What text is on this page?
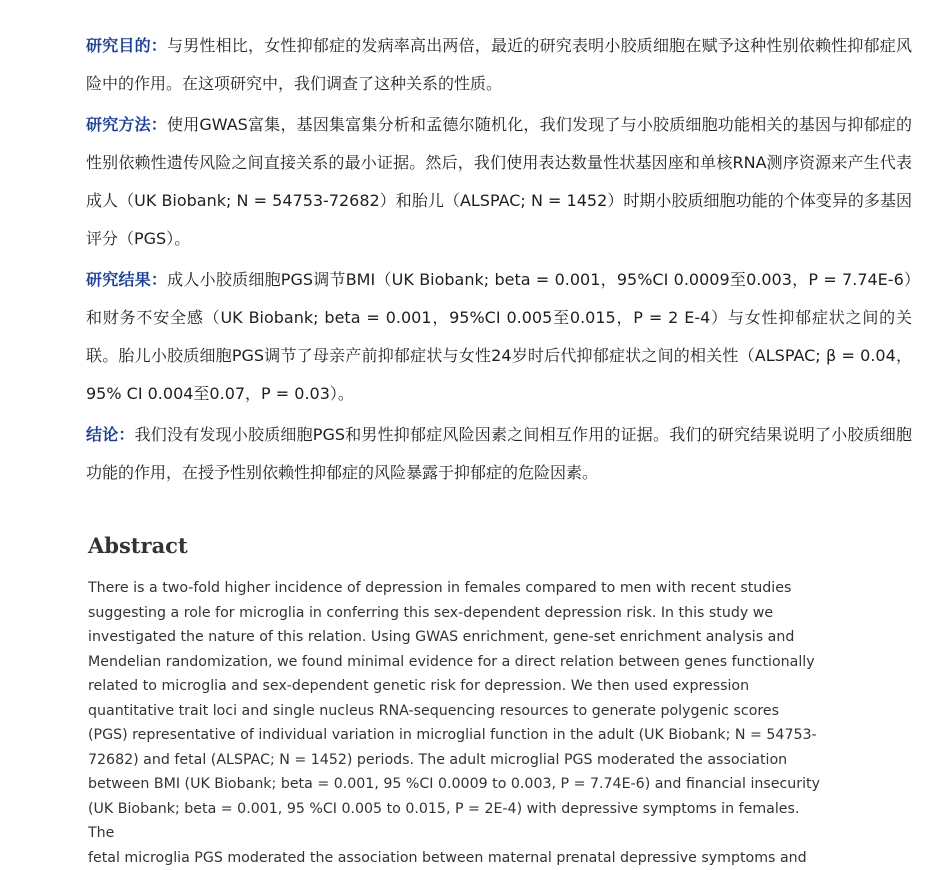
研究目的：与男性相比，女性抑郁症的发病率高出两倍，最近的研究表明小胶质细胞在赋予这种性别依赖性抑郁症风险中的作用。在这项研究中，我们调查了这种关系的性质。

研究方法：使用GWAS富集，基因集富集分析和孟德尔随机化，我们发现了与小胶质细胞功能相关的基因与抑郁症的性别依赖性遗传风险之间直接关系的最小证据。然后，我们使用表达数量性状基因座和单核RNA测序资源来产生代表成人（UK Biobank; N = 54753-72682）和胎儿（ALSPAC; N = 1452）时期小胶质细胞功能的个体变异的多基因评分（PGS）。

研究结果：成人小胶质细胞PGS调节BMI（UK Biobank; beta = 0.001，95%CI 0.0009至0.003，P = 7.74E-6）和财务不安全感（UK Biobank; beta = 0.001，95%CI 0.005至0.015，P = 2 E-4）与女性抑郁症状之间的关联。胎儿小胶质细胞PGS调节了母亲产前抑郁症状与女性24岁时后代抑郁症状之间的相关性（ALSPAC; β = 0.04，95% CI 0.004至0.07，P = 0.03）。

结论：我们没有发现小胶质细胞PGS和男性抑郁症风险因素之间相互作用的证据。我们的研究结果说明了小胶质细胞功能的作用，在授予性别依赖性抑郁症的风险暴露于抑郁症的危险因素。

Abstract

There is a two-fold higher incidence of depression in females compared to men with recent studies
suggesting a role for microglia in conferring this sex-dependent depression risk. In this study we
investigated the nature of this relation. Using GWAS enrichment, gene-set enrichment analysis and
Mendelian randomization, we found minimal evidence for a direct relation between genes functionally
related to microglia and sex-dependent genetic risk for depression. We then used expression
quantitative trait loci and single nucleus RNA-sequencing resources to generate polygenic scores
(PGS) representative of individual variation in microglial function in the adult (UK Biobank; N = 54753-
72682) and fetal (ALSPAC; N = 1452) periods. The adult microglial PGS moderated the association
between BMI (UK Biobank; beta = 0.001, 95 %CI 0.0009 to 0.003, P = 7.74E-6) and financial insecurity
(UK Biobank; beta = 0.001, 95 %CI 0.005 to 0.015, P = 2E-4) with depressive symptoms in females. The
fetal microglia PGS moderated the association between maternal prenatal depressive symptoms and
